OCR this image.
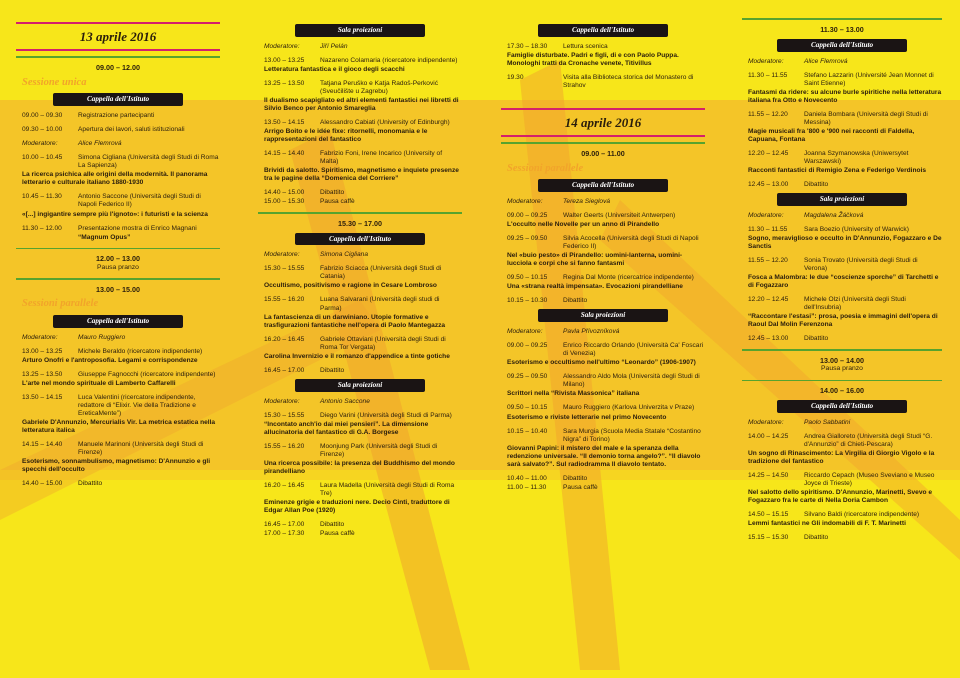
13 aprile 2016
09.00 – 12.00
Sessione unica
Cappella dell'Istituto
09.00 – 09.30	Registrazione partecipanti
09.30 – 10.00	Apertura dei lavori, saluti istituzionali
Moderatore:	Alice Flemrová
10.00 – 10.45	Simona Cigliana (Università degli Studi di Roma La Sapienza)
La ricerca psichica alle origini della modernità. Il panorama letterario e culturale italiano 1880-1930
10.45 – 11.30	Antonio Saccone (Università degli Studi di Napoli Federico II)
«[...] ingigantire sempre più l'ignoto»: i futuristi e la scienza
11.30 – 12.00	Presentazione mostra di Enrico Magnani
“Magnum Opus”
12.00 – 13.00
Pausa pranzo
13.00 – 15.00
Sessioni parallele
Cappella dell'Istituto
Moderatore:	Mauro Ruggiero
13.00 – 13.25	Michele Beraldo (ricercatore indipendente)
Arturo Onofri e l'antroposofia. Legami e corrispondenze
13.25 – 13.50	Giuseppe Fagnocchi (ricercatore indipendente)
L'arte nel mondo spirituale di Lamberto Caffarelli
13.50 – 14.15	Luca Valentini (ricercatore indipendente, redattore di “Elixir. Vie della Tradizione e EreticaMente”)
Gabriele D'Annunzio, Mercurialis Vir. La metrica estatica nella letteratura italica
14.15 – 14.40	Manuele Marinoni (Università degli Studi di Firenze)
Esoterismo, sonnambulismo, magnetismo: D'Annunzio e gli specchi dell'occulto
14.40 – 15.00	Dibattito
Sala proiezioni
Moderatore:	Jiří Pelán
13.00 – 13.25	Nazareno Colamaria (ricercatore indipendente)
Letteratura fantastica e il gioco degli scacchi
13.25 – 13.50	Tatjana Peruško e Katja Radoš-Perković (Sveučilište u Zagrebu)
Il dualismo scapigliato ed altri elementi fantastici nei libretti di Silvio Benco per Antonio Smareglia
13.50 – 14.15	Alessandro Cabiati (University of Edinburgh)
Arrigo Boito e le idée fixe: ritornelli, monomania e le rappresentazioni del fantastico
14.15 – 14.40	Fabrizio Foni, Irene Incarico (University of Malta)
Brividi da salotto. Spiritismo, magnetismo e inquiete presenze tra le pagine della “Domenica del Corriere”
14.40 – 15.00	Dibattito
15.00 – 15.30	Pausa caffè
15.30 – 17.00
Cappella dell'Istituto
Moderatore:	Simona Cigliana
15.30 – 15.55	Fabrizio Sciacca (Università degli Studi di Catania)
Occultismo, positivismo e ragione in Cesare Lombroso
15.55 – 16.20	Luana Salvarani (Università degli studi di Parma)
La fantascienza di un darwiniano. Utopie formative e trasfigurazioni fantastiche nell'opera di Paolo Mantegazza
16.20 – 16.45	Gabriele Ottaviani (Università degli Studi di Roma Tor Vergata)
Carolina Invernizio e il romanzo d'appendice a tinte gotiche
16.45 – 17.00	Dibattito
Sala proiezioni
Moderatore:	Antonio Saccone
15.30 – 15.55	Diego Varini (Università degli Studi di Parma)
“Incontato anch'io dai miei pensieri”. La dimensione allucinatoria del fantastico di G.A. Borgese
15.55 – 16.20	Moonjung Park (Università degli Studi di Firenze)
Una ricerca possibile: la presenza del Buddhismo del mondo pirandelliano
16.20 – 16.45	Laura Madella (Università degli Studi di Roma Tre)
Eminenze grigie e traduzioni nere. Decio Cinti, traduttore di Edgar Allan Poe (1920)
16.45 – 17.00	Dibattito
17.00 – 17.30	Pausa caffè
Cappella dell'Istituto
17.30 – 18.30	Lettura scenica
Famiglie disturbate. Padri e figli, di e con Paolo Puppa. Monologhi tratti da Cronache venete, Titivillus
19.30	Visita alla Biblioteca storica del Monastero di Strahov
14 aprile 2016
09.00 – 11.00
Sessioni parallele
Cappella dell'Istituto
Moderatore:	Tereza Sieglová
09.00 – 09.25	Walter Geerts (Universiteit Antwerpen)
L'occulto nelle Novelle per un anno di Pirandello
09.25 – 09.50	Silvia Acocella (Università degli Studi di Napoli Federico II)
Nel «buio pesto» di Pirandello: uomini-lanterna, uomini-lucciola e corpi che si fanno fantasmi
09.50 – 10.15	Regina Dal Monte (ricercatrice indipendente)
Una «strana realtà impensata». Evocazioni pirandelliane
10.15 – 10.30	Dibattito
Sala proiezioni
Moderatore:	Pavla Přívozníková
09.00 – 09.25	Enrico Riccardo Orlando (Università Ca' Foscari di Venezia)
Esoterismo e occultismo nell'ultimo “Leonardo” (1906-1907)
09.25 – 09.50	Alessandro Aldo Mola (Università degli Studi di Milano)
Scrittori nella “Rivista Massonica” italiana
09.50 – 10.15	Mauro Ruggiero (Karlova Univerzita v Praze)
Esoterismo e riviste letterarie nel primo Novecento
10.15 – 10.40	Sara Murgia (Scuola Media Statale “Costantino Nigra” di Torino)
Giovanni Papini: il mistero del male e la speranza della redenzione universale. “Il demonio torna angelo?”. “Il diavolo sarà salvato?”. Sul radiodramma Il diavolo tentato.
10.40 – 11.00	Dibattito
11.00 – 11.30	Pausa caffè
11.30 – 13.00
Cappella dell'Istituto
Moderatore:	Alice Flemrová
11.30 – 11.55	Stefano Lazzarin (Université Jean Monnet di Saint Etienne)
Fantasmi da ridere: su alcune burle spiritiche nella letteratura italiana fra Otto e Novecento
11.55 – 12.20	Daniela Bombara (Università degli Studi di Messina)
Magie musicali fra '800 e '900 nei racconti di Faldella, Capuana, Fontana
12.20 – 12.45	Joanna Szymanowska (Uniwersytet Warszawski)
Racconti fantastici di Remigio Zena e Federigo Verdinois
12.45 – 13.00	Dibattito
Sala proiezioni
Moderatore:	Magdalena Žáčková
11.30 – 11.55	Sara Boezio (University of Warwick)
Sogno, meraviglioso e occulto in D'Annunzio, Fogazzaro e De Sanctis
11.55 – 12.20	Sonia Trovato (Università degli Studi di Verona)
Fosca a Malombra: le due “coscienze sporche” di Tarchetti e di Fogazzaro
12.20 – 12.45	Michele Olzi (Università degli Studi dell'Insubria)
“Raccontare l'estasi”: prosa, poesia e immagini dell'opera di Raoul Dal Molin Ferenzona
12.45 – 13.00	Dibattito
13.00 – 14.00
Pausa pranzo
14.00 – 16.00
Cappella dell'Istituto
Moderatore:	Paolo Sabbatini
14.00 – 14.25	Andrea Gialloreto (Università degli Studi “G. d'Annunzio” di Chieti-Pescara)
Un sogno di Rinascimento: La Virgilia di Giorgio Vigolo e la tradizione del fantastico
14.25 – 14.50	Riccardo Cepach (Museo Sveviano e Museo Joyce di Trieste)
Nel salotto dello spiritismo. D'Annunzio, Marinetti, Svevo e Fogazzaro fra le carte di Nella Doria Cambon
14.50 – 15.15	Silvano Baldi (ricercatore indipendente)
Lemmi fantastici ne Gli indomabili di F. T. Marinetti
15.15 – 15.30	Dibattito
